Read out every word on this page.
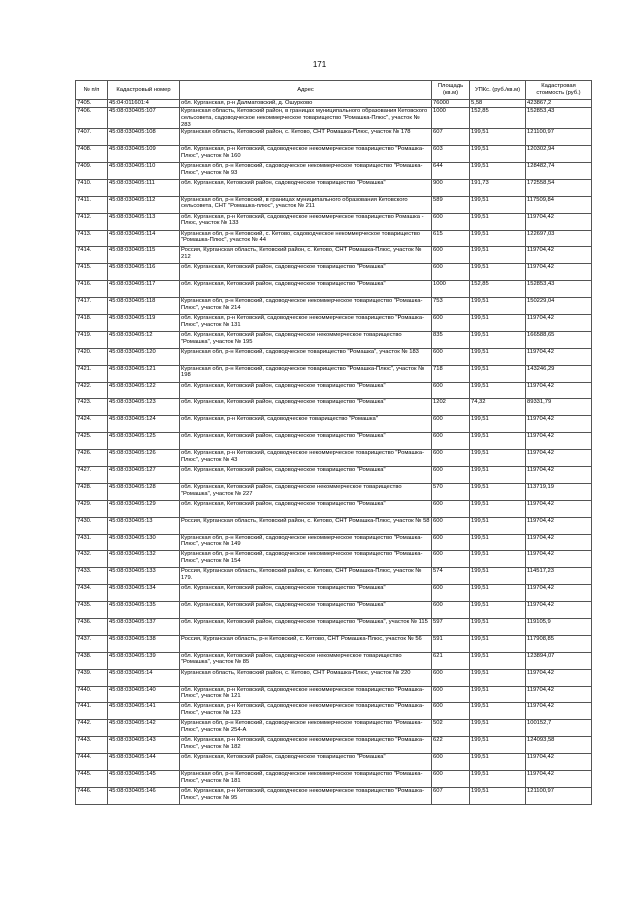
171
№ п/п	Кадастровый номер	Адрес	Площадь (кв.м)	УПКс. (руб./кв.м)	Кадастровая стоимость (руб.)
7405.	45:04:011601:4	обл. Курганская, р-н Далматовский, д. Ошурково	76000	5,58	423867,2
7406.	45:08:030405:107	Курганская область, Кетовский район, в границах муниципального образования Кетовского сельсовета, садоводческое некоммерческое товарищество "Ромашка-Плюс", участок № 283	1000	152,85	152853,43
7407.	45:08:030405:108	Курганская область, Кетовский район, с. Кетово, СНТ Ромашка-Плюс, участок № 178	607	199,51	121100,97
7408.	45:08:030405:109	обл. Курганская, р-н Кетовский, садоводческое некоммерческое товарищество "Ромашка-Плюс", участок № 160	603	199,51	120302,94
7409.	45:08:030405:110	Курганская обл, р-н Кетовский, садоводческое некоммерческое товарищество "Ромашка-Плюс", участок № 93	644	199,51	128482,74
7410.	45:08:030405:111	обл. Курганская, Кетовский район, садоводческое товарищество "Ромашка"	900	191,73	172558,54
7411.	45:08:030405:112	Курганская обл, р-н Кетовский, в границах муниципального образования Кетовского сельсовета, СНТ "Ромашка-плюс", участок № 211	589	199,51	117509,84
7412.	45:08:030405:113	обл. Курганская, р-н Кетовский, садоводческое некоммерческое товарищество Ромашка - Плюс, участок № 133	600	199,51	119704,42
7413.	45:08:030405:114	Курганская обл, р-н Кетовский, с. Кетово, садоводческое некоммерческое товарищество "Ромашка-Плюс", участок № 44	615	199,51	122697,03
7414.	45:08:030405:115	Россия, Курганская область, Кетовский район, с. Кетово, СНТ Ромашка-Плюс, участок № 212	600	199,51	119704,42
7415.	45:08:030405:116	обл. Курганская, Кетовский район, садоводческое товарищество "Ромашка"	600	199,51	119704,42
7416.	45:08:030405:117	обл. Курганская, Кетовский район, садоводческое товарищество "Ромашка"	1000	152,85	152853,43
7417.	45:08:030405:118	Курганская обл, р-н Кетовский, садоводческое некоммерческое товарищество "Ромашка-Плюс", участок № 214	753	199,51	150229,04
7418.	45:08:030405:119	обл. Курганская, р-н Кетовский, садоводческое некоммерческое товарищество "Ромашка-Плюс", участок № 131	600	199,51	119704,42
7419.	45:08:030405:12	обл. Курганская, Кетовский район, садоводческое некоммерческое товарищество "Ромашка", участок № 195	835	199,51	166588,65
7420.	45:08:030405:120	Курганская обл, р-н Кетовский, садоводческое товарищество "Ромашка", участок № 183	600	199,51	119704,42
7421.	45:08:030405:121	Курганская обл, р-н Кетовский, садоводческое товарищество "Ромашка-Плюс", участок № 198	718	199,51	143246,29
7422.	45:08:030405:122	обл. Курганская, Кетовский район, садоводческое товарищество "Ромашка"	600	199,51	119704,42
7423.	45:08:030405:123	обл. Курганская, Кетовский район, садоводческое товарищество "Ромашка"	1202	74,32	89331,79
7424.	45:08:030405:124	обл. Курганская, р-н Кетовский, садоводческое товарищество "Ромашка"	600	199,51	119704,42
7425.	45:08:030405:125	обл. Курганская, Кетовский район, садоводческое товарищество "Ромашка"	600	199,51	119704,42
7426.	45:08:030405:126	обл. Курганская, р-н Кетовский, садоводческое некоммерческое товарищество "Ромашка-Плюс", участок № 43	600	199,51	119704,42
7427.	45:08:030405:127	обл. Курганская, Кетовский район, садоводческое товарищество "Ромашка"	600	199,51	119704,42
7428.	45:08:030405:128	обл. Курганская, Кетовский район, садоводческое некоммерческое товарищество "Ромашка", участок № 227	570	199,51	113719,19
7429.	45:08:030405:129	обл. Курганская, Кетовский район, садоводческое товарищество "Ромашка"	600	199,51	119704,42
7430.	45:08:030405:13	Россия, Курганская область, Кетовский район, с. Кетово, СНТ Ромашка-Плюс, участок № 58	600	199,51	119704,42
7431.	45:08:030405:130	Курганская обл, р-н Кетовский, садоводческое некоммерческое товарищество "Ромашка-Плюс", участок № 149	600	199,51	119704,42
7432.	45:08:030405:132	Курганская обл, р-н Кетовский, садоводческое некоммерческое товарищество "Ромашка-Плюс", участок № 154	600	199,51	119704,42
7433.	45:08:030405:133	Россия, Курганская область, Кетовский район, с. Кетово, СНТ Ромашка-Плюс, участок № 179.	574	199,51	114517,23
7434.	45:08:030405:134	обл. Курганская, Кетовский район, садоводческое товарищество "Ромашка"	600	199,51	119704,42
7435.	45:08:030405:135	обл. Курганская, Кетовский район, садоводческое товарищество "Ромашка"	600	199,51	119704,42
7436.	45:08:030405:137	обл. Курганская, Кетовский район, садоводческое товарищество "Ромашка", участок № 115	597	199,51	119105,9
7437.	45:08:030405:138	Россия, Курганская область, р-н Кетовский, с. Кетово, СНТ Ромашка-Плюс, участок № 56	591	199,51	117908,85
7438.	45:08:030405:139	обл. Курганская, Кетовский район, садоводческое некоммерческое товарищество "Ромашка", участок № 85	621	199,51	123894,07
7439.	45:08:030405:14	Курганская область, Кетовский район, с. Кетово, СНТ Ромашка-Плюс, участок № 220	600	199,51	119704,42
7440.	45:08:030405:140	обл. Курганская, р-н Кетовский, садоводческое некоммерческое товарищество "Ромашка-Плюс", участок № 121	600	199,51	119704,42
7441.	45:08:030405:141	обл. Курганская, р-н Кетовский, садоводческое некоммерческое товарищество "Ромашка-Плюс", участок № 123	600	199,51	119704,42
7442.	45:08:030405:142	Курганская обл, р-н Кетовский, садоводческое некоммерческое товарищество "Ромашка-Плюс", участок № 254-А	502	199,51	100152,7
7443.	45:08:030405:143	обл. Курганская, р-н Кетовский, садоводческое некоммерческое товарищество "Ромашка-Плюс", участок № 182	622	199,51	124093,58
7444.	45:08:030405:144	обл. Курганская, Кетовский район, садоводческое товарищество "Ромашка"	600	199,51	119704,42
7445.	45:08:030405:145	Курганская обл, р-н Кетовский, садоводческое некоммерческое товарищество "Ромашка-Плюс", участок № 181	600	199,51	119704,42
7446.	45:08:030405:146	обл. Курганская, р-н Кетовский, садоводческое некоммерческое товарищество "Ромашка-Плюс", участок № 95	607	199,51	121100,97
